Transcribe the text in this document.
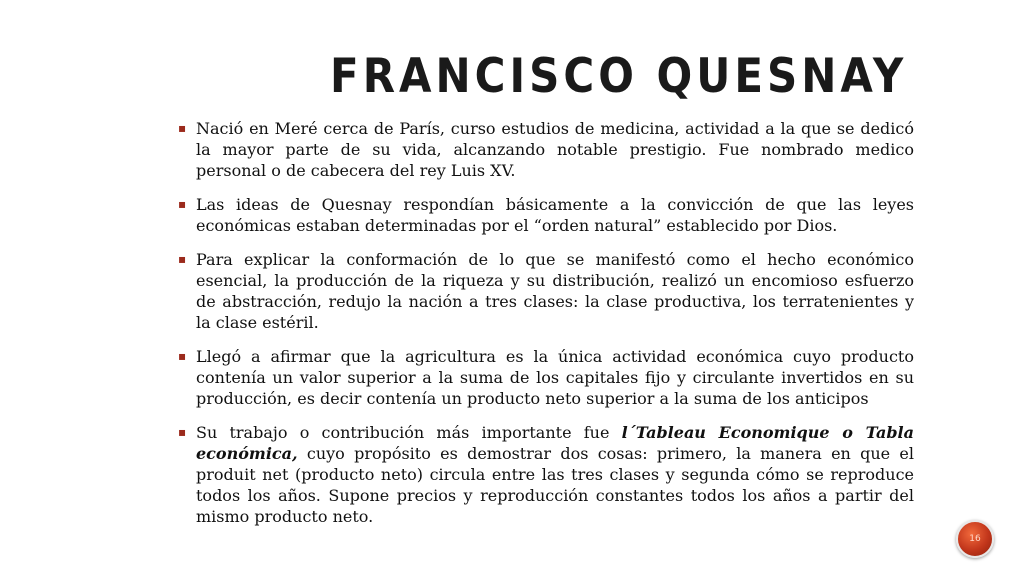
FRANCISCO QUESNAY
▪ Nació en Meré cerca de París, curso estudios de medicina, actividad a la que se dedicó la mayor parte de su vida, alcanzando notable prestigio. Fue nombrado medico personal o de cabecera del rey Luis XV.
▪ Las ideas de Quesnay respondían básicamente a la convicción de que las leyes económicas estaban determinadas por el “orden natural” establecido por Dios.
▪ Para explicar la conformación de lo que se manifestó como el hecho económico esencial, la producción de la riqueza y su distribución, realizó un encomioso esfuerzo de abstracción, redujo la nación a tres clases: la clase productiva, los terratenientes y la clase estéril.
▪ Llegó a afirmar que la agricultura es la única actividad económica cuyo producto contenía un valor superior a la suma de los capitales fijo y circulante invertidos en su producción, es decir contenía un producto neto superior a la suma de los anticipos
▪ Su trabajo o contribución más importante fue l´Tableau Economique o Tabla económica, cuyo propósito es demostrar dos cosas: primero, la manera en que el produit net (producto neto) circula entre las tres clases y segunda cómo se reproduce todos los años. Supone precios y reproducción constantes todos los años a partir del mismo producto neto.
16
